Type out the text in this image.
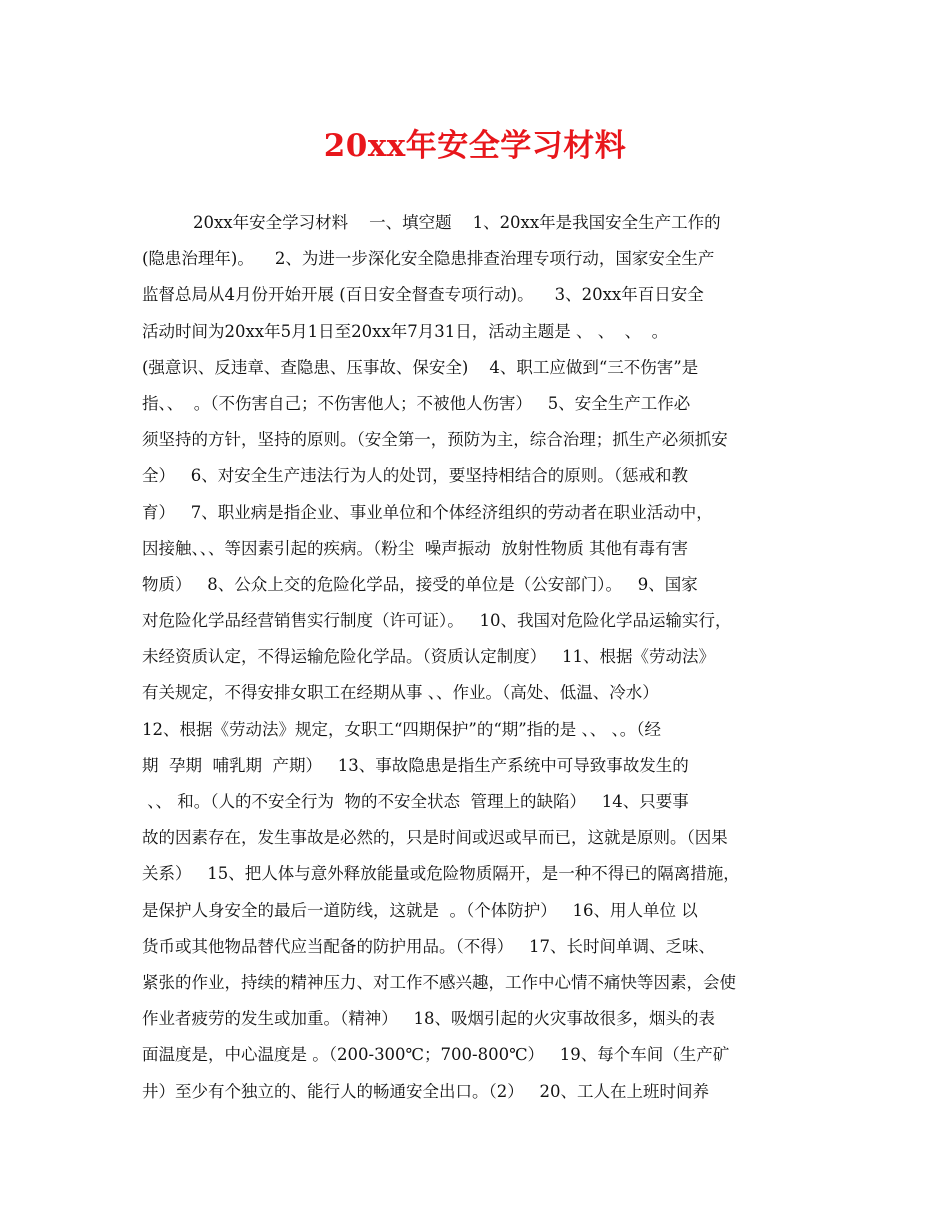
20xx年安全学习材料
20xx年安全学习材料    一、填空题    1、20xx年是我国安全生产工作的
(隐患治理年)。    2、为进一步深化安全隐患排查治理专项行动，国家安全生产
监督总局从4月份开始开展 (百日安全督查专项行动)。    3、20xx年百日安全
活动时间为20xx年5月1日至20xx年7月31日，活动主题是 、 、  、  。
(强意识、反违章、查隐患、压事故、保安全)    4、职工应做到“三不伤害”是
指、、  。（不伤害自己；不伤害他人；不被他人伤害）   5、安全生产工作必
须坚持的方针，坚持的原则。（安全第一，预防为主，综合治理；抓生产必须抓安
全）   6、对安全生产违法行为人的处罚，要坚持相结合的原则。（惩戒和教
育）   7、职业病是指企业、事业单位和个体经济组织的劳动者在职业活动中，
因接触、、、等因素引起的疾病。（粉尘  噪声振动  放射性物质 其他有毒有害
物质）   8、公众上交的危险化学品，接受的单位是（公安部门）。   9、国家
对危险化学品经营销售实行制度（许可证）。   10、我国对危险化学品运输实行，
未经资质认定，不得运输危险化学品。（资质认定制度）   11、根据《劳动法》
有关规定，不得安排女职工在经期从事 、、作业。（高处、低温、冷水）
12、根据《劳动法》规定，女职工“四期保护”的“期”指的是 、、 、。（经
期  孕期  哺乳期  产期）   13、事故隐患是指生产系统中可导致事故发生的
、、 和。（人的不安全行为  物的不安全状态  管理上的缺陷）   14、只要事
故的因素存在，发生事故是必然的，只是时间或迟或早而已，这就是原则。（因果
关系）   15、把人体与意外释放能量或危险物质隔开，是一种不得已的隔离措施，
是保护人身安全的最后一道防线，这就是  。（个体防护）   16、用人单位 以
货币或其他物品替代应当配备的防护用品。（不得）   17、长时间单调、乏味、
紧张的作业，持续的精神压力、对工作不感兴趣，工作中心情不痛快等因素，会使
作业者疲劳的发生或加重。（精神）   18、吸烟引起的火灾事故很多，烟头的表
面温度是，中心温度是 。（200-300℃；700-800℃）   19、每个车间（生产矿
井）至少有个独立的、能行人的畅通安全出口。（2）   20、工人在上班时间养
